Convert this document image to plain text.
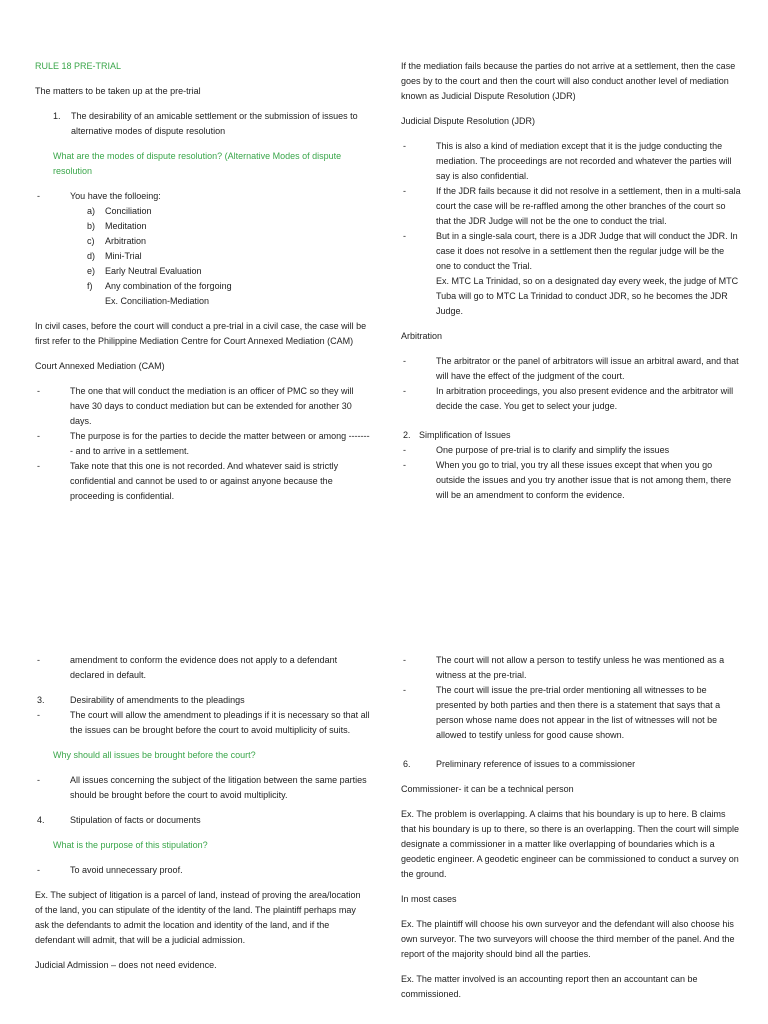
RULE 18 PRE-TRIAL
The matters to be taken up at the pre-trial
1.	The desirability of an amicable settlement or the submission of issues to alternative modes of dispute resolution
What are the modes of dispute resolution? (Alternative Modes of dispute resolution
-	You have the folloeing:
a)	Conciliation
b)	Meditation
c)	Arbitration
d)	Mini-Trial
e)	Early Neutral Evaluation
f)	Any combination of the forgoing
Ex. Conciliation-Mediation
In civil cases, before the court will conduct a pre-trial in a civil case, the case will be first refer to the Philippine Mediation Centre for Court Annexed Mediation (CAM)
Court Annexed Mediation (CAM)
-	The one that will conduct the mediation is an officer of PMC so they will have 30 days to conduct mediation but can be extended for another 30 days.
-	The purpose is for the parties to decide the matter between or among -------- and to arrive in a settlement.
-	Take note that this one is not recorded. And whatever said is strictly confidential and cannot be used to or against anyone because the proceeding is confidential.
If the mediation fails because the parties do not arrive at a settlement, then the case goes by to the court and then the court will also conduct another level of mediation known as Judicial Dispute Resolution (JDR)
Judicial Dispute Resolution (JDR)
-	This is also a kind of mediation except that it is the judge conducting the mediation. The proceedings are not recorded and whatever the parties will say is also confidential.
-	If the JDR fails because it did not resolve in a settlement, then in a multi-sala court the case will be re-raffled among the other branches of the court so that the JDR Judge will not be the one to conduct the trial.
-	But in a single-sala court, there is a JDR Judge that will conduct the JDR. In case it does not resolve in a settlement then the regular judge will be the one to conduct the Trial.
Ex. MTC La Trinidad, so on a designated day every week, the judge of MTC Tuba will go to MTC La Trinidad to conduct JDR, so he becomes the JDR Judge.
Arbitration
-	The arbitrator or the panel of arbitrators will issue an arbitral award, and that will have the effect of the judgment of the court.
-	In arbitration proceedings, you also present evidence and the arbitrator will decide the case. You get to select your judge.
2. Simplification of Issues
-	One purpose of pre-trial is to clarify and simplify the issues
-	When you go to trial, you try all these issues except that when you go outside the issues and you try another issue that is not among them, there will be an amendment to conform the evidence.
-	amendment to conform the evidence does not apply to a defendant declared in default.
3.	Desirability of amendments to the pleadings
-	The court will allow the amendment to pleadings if it is necessary so that all the issues can be brought before the court to avoid multiplicity of suits.
Why should all issues be brought before the court?
-	All issues concerning the subject of the litigation between the same parties should be brought before the court to avoid multiplicity.
4.	Stipulation of facts or documents
What is the purpose of this stipulation?
-	To avoid unnecessary proof.
Ex. The subject of litigation is a parcel of land, instead of proving the area/location of the land, you can stipulate of the identity of the land. The plaintiff perhaps may ask the defendants to admit the location and identity of the land, and if the defendant will admit, that will be a judicial admission.
Judicial Admission – does not need evidence.
-	The court will not allow a person to testify unless he was mentioned as a witness at the pre-trial.
-	The court will issue the pre-trial order mentioning all witnesses to be presented by both parties and then there is a statement that says that a person whose name does not appear in the list of witnesses will not be allowed to testify unless for good cause shown.
6.	Preliminary reference of issues to a commissioner
Commissioner- it can be a technical person
Ex. The problem is overlapping. A claims that his boundary is up to here. B claims that his boundary is up to there, so there is an overlapping. Then the court will simple designate a commissioner in a matter like overlapping of boundaries which is a geodetic engineer. A geodetic engineer can be commissioned to conduct a survey on the ground.
In most cases
Ex. The plaintiff will choose his own surveyor and the defendant will also choose his own surveyor. The two surveyors will choose the third member of the panel. And the report of the majority should bind all the parties.
Ex. The matter involved is an accounting report then an accountant can be commissioned.
